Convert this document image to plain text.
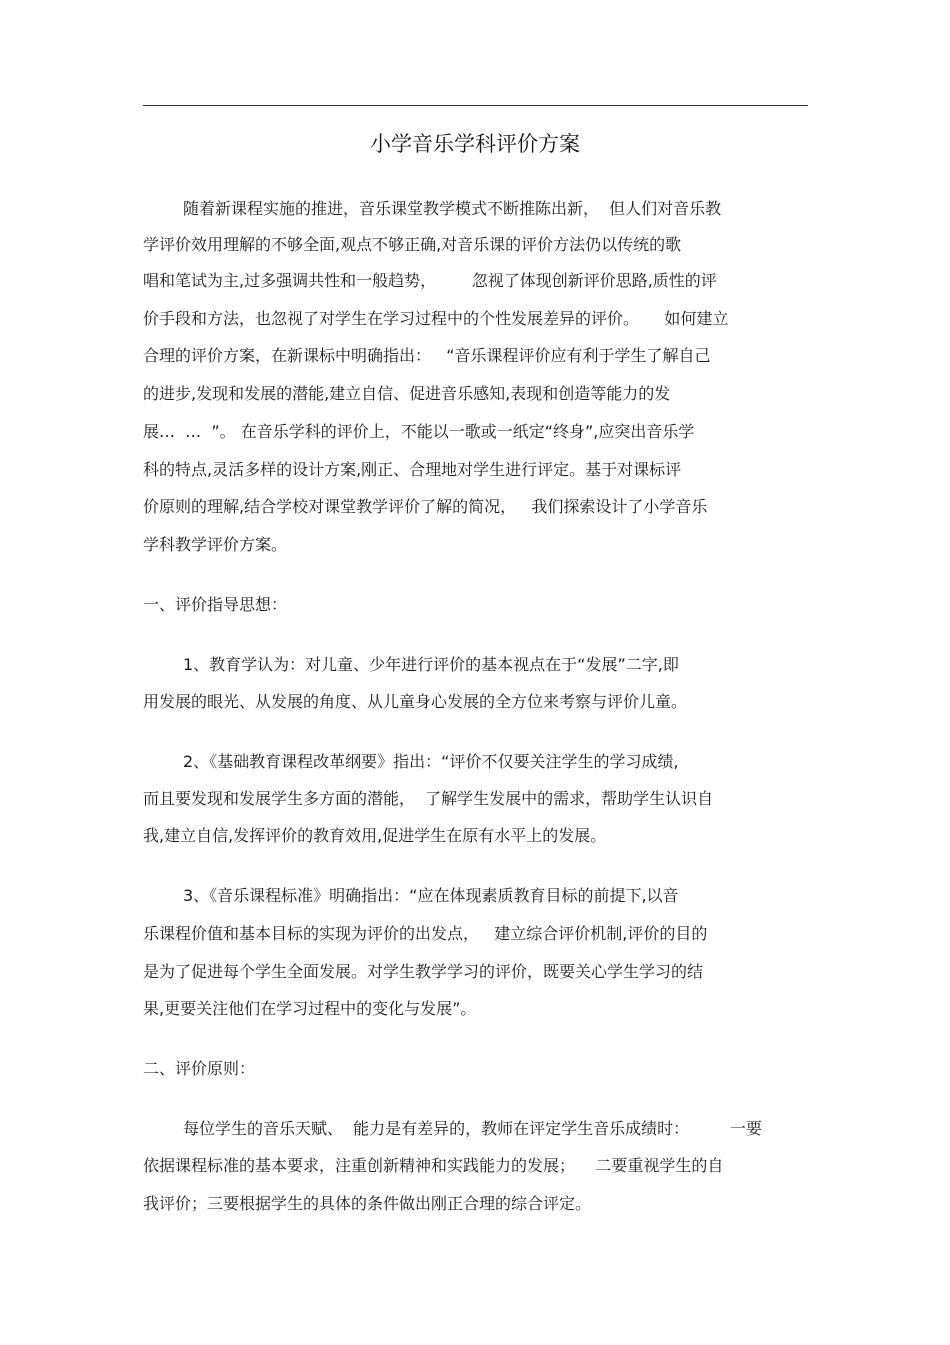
小学音乐学科评价方案
随着新课程实施的推进，音乐课堂教学模式不断推陈出新，  但人们对音乐教
学评价效用理解的不够全面,观点不够正确,对音乐课的评价方法仍以传统的歌
唱和笔试为主,过多强调共性和一般趋势，       忽视了体现创新评价思路,质性的评
价手段和方法，也忽视了对学生在学习过程中的个性发展差异的评价。     如何建立
合理的评价方案，在新课标中明确指出：   “音乐课程评价应有利于学生了解自己
的进步,发现和发展的潜能,建立自信、促进音乐感知,表现和创造等能力的发
展…  …  ”。 在音乐学科的评价上，不能以一歌或一纸定“终身”,应突出音乐学
科的特点,灵活多样的设计方案,刚正、合理地对学生进行评定。基于对课标评
价原则的理解,结合学校对课堂教学评价了解的简况，   我们探索设计了小学音乐
学科教学评价方案。
一、评价指导思想：
1、教育学认为：对儿童、少年进行评价的基本视点在于“发展”二字,即
用发展的眼光、从发展的角度、从儿童身心发展的全方位来考察与评价儿童。
2、《基础教育课程改革纲要》指出：“评价不仅要关注学生的学习成绩,
而且要发现和发展学生多方面的潜能，  了解学生发展中的需求，帮助学生认识自
我,建立自信,发挥评价的教育效用,促进学生在原有水平上的发展。
3、《音乐课程标准》明确指出：“应在体现素质教育目标的前提下,以音
乐课程价值和基本目标的实现为评价的出发点，   建立综合评价机制,评价的目的
是为了促进每个学生全面发展。对学生教学学习的评价，既要关心学生学习的结
果,更要关注他们在学习过程中的变化与发展”。
二、评价原则：
每位学生的音乐天赋、  能力是有差异的，教师在评定学生音乐成绩时：        一要
依据课程标准的基本要求，注重创新精神和实践能力的发展；    二要重视学生的自
我评价；三要根据学生的具体的条件做出刚正合理的综合评定。
